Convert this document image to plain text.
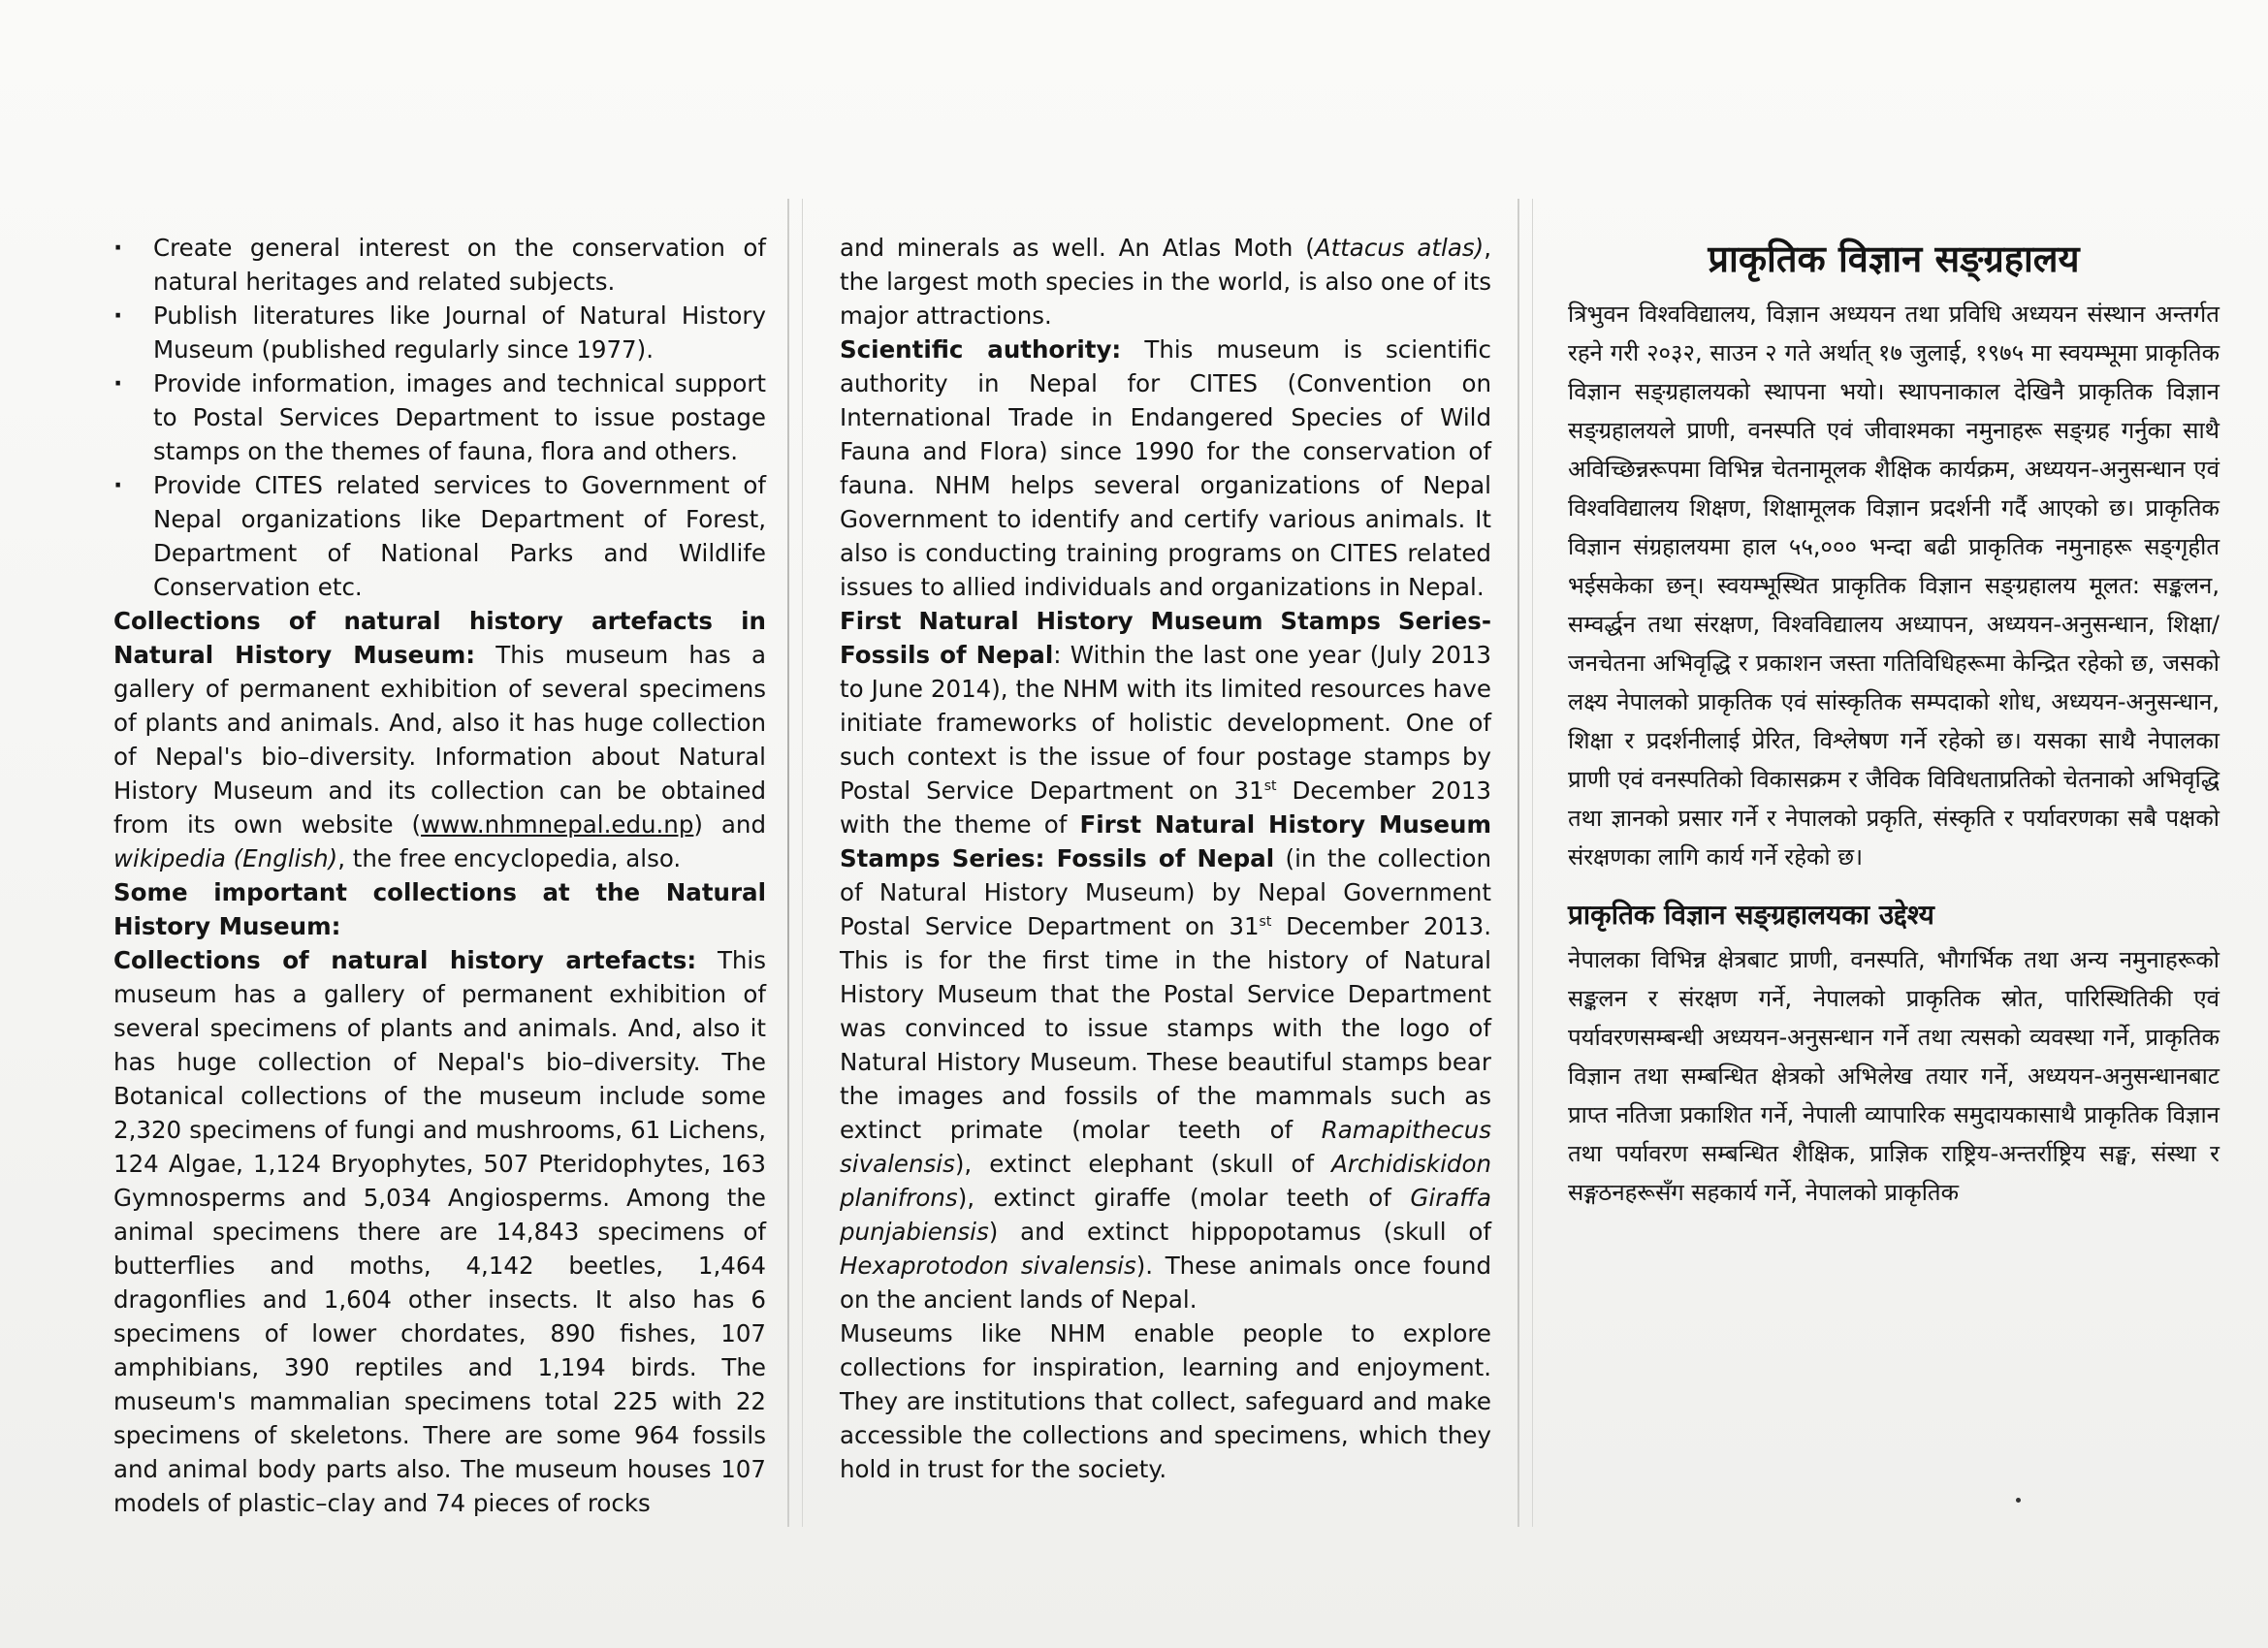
· Create general interest on the conservation of natural heritages and related subjects.
· Publish literatures like Journal of Natural History Museum (published regularly since 1977).
· Provide information, images and technical support to Postal Services Department to issue postage stamps on the themes of fauna, flora and others.
· Provide CITES related services to Government of Nepal organizations like Department of Forest, Department of National Parks and Wildlife Conservation etc.

Collections of natural history artefacts in Natural History Museum: This museum has a gallery of permanent exhibition of several specimens of plants and animals. And, also it has huge collection of Nepal's bio–diversity. Information about Natural History Museum and its collection can be obtained from its own website (www.nhmnepal.edu.np) and wikipedia (English), the free encyclopedia, also.

Some important collections at the Natural History Museum:

Collections of natural history artefacts: This museum has a gallery of permanent exhibition of several specimens of plants and animals. And, also it has huge collection of Nepal's bio–diversity. The Botanical collections of the museum include some 2,320 specimens of fungi and mushrooms, 61 Lichens, 124 Algae, 1,124 Bryophytes, 507 Pteridophytes, 163 Gymnosperms and 5,034 Angiosperms. Among the animal specimens there are 14,843 specimens of butterflies and moths, 4,142 beetles, 1,464 dragonflies and 1,604 other insects. It also has 6 specimens of lower chordates, 890 fishes, 107 amphibians, 390 reptiles and 1,194 birds. The museum's mammalian specimens total 225 with 22 specimens of skeletons. There are some 964 fossils and animal body parts also. The museum houses 107 models of plastic–clay and 74 pieces of rocks

and minerals as well. An Atlas Moth (Attacus atlas), the largest moth species in the world, is also one of its major attractions.

Scientific authority: This museum is scientific authority in Nepal for CITES (Convention on International Trade in Endangered Species of Wild Fauna and Flora) since 1990 for the conservation of fauna. NHM helps several organizations of Nepal Government to identify and certify various animals. It also is conducting training programs on CITES related issues to allied individuals and organizations in Nepal.

First Natural History Museum Stamps Series-Fossils of Nepal: Within the last one year (July 2013 to June 2014), the NHM with its limited resources have initiate frameworks of holistic development. One of such context is the issue of four postage stamps by Postal Service Department on 31st December 2013 with the theme of First Natural History Museum Stamps Series: Fossils of Nepal (in the collection of Natural History Museum) by Nepal Government Postal Service Department on 31st December 2013. This is for the first time in the history of Natural History Museum that the Postal Service Department was convinced to issue stamps with the logo of Natural History Museum. These beautiful stamps bear the images and fossils of the mammals such as extinct primate (molar teeth of Ramapithecus sivalensis), extinct elephant (skull of Archidiskidon planifrons), extinct giraffe (molar teeth of Giraffa punjabiensis) and extinct hippopotamus (skull of Hexaprotodon sivalensis). These animals once found on the ancient lands of Nepal.

Museums like NHM enable people to explore collections for inspiration, learning and enjoyment. They are institutions that collect, safeguard and make accessible the collections and specimens, which they hold in trust for the society.

प्राकृतिक विज्ञान सङ्ग्रहालय

त्रिभुवन विश्वविद्यालय, विज्ञान अध्ययन तथा प्रविधि अध्ययन संस्थान अन्तर्गत रहने गरी २०३२, साउन २ गते अर्थात् १७ जुलाई, १९७५ मा स्वयम्भूमा प्राकृतिक विज्ञान सङ्ग्रहालयको स्थापना भयो। स्थापनाकाल देखिनै प्राकृतिक विज्ञान सङ्ग्रहालयले प्राणी, वनस्पति एवं जीवाश्मका नमुनाहरू सङ्ग्रह गर्नुका साथै अविच्छिन्नरूपमा विभिन्न चेतनामूलक शैक्षिक कार्यक्रम, अध्ययन-अनुसन्धान एवं विश्वविद्यालय शिक्षण, शिक्षामूलक विज्ञान प्रदर्शनी गर्दै आएको छ। प्राकृतिक विज्ञान संग्रहालयमा हाल ५५,००० भन्दा बढी प्राकृतिक नमुनाहरू सङ्गृहीत भईसकेका छन्। स्वयम्भूस्थित प्राकृतिक विज्ञान सङ्ग्रहालय मूलत: सङ्कलन, सम्वर्द्धन तथा संरक्षण, विश्वविद्यालय अध्यापन, अध्ययन-अनुसन्धान, शिक्षा/जनचेतना अभिवृद्धि र प्रकाशन जस्ता गतिविधिहरूमा केन्द्रित रहेको छ, जसको लक्ष्य नेपालको प्राकृतिक एवं सांस्कृतिक सम्पदाको शोध, अध्ययन-अनुसन्धान, शिक्षा र प्रदर्शनीलाई प्रेरित, विश्लेषण गर्ने रहेको छ। यसका साथै नेपालका प्राणी एवं वनस्पतिको विकासक्रम र जैविक विविधताप्रतिको चेतनाको अभिवृद्धि तथा ज्ञानको प्रसार गर्ने र नेपालको प्रकृति, संस्कृति र पर्यावरणका सबै पक्षको संरक्षणका लागि कार्य गर्ने रहेको छ।

प्राकृतिक विज्ञान सङ्ग्रहालयका उद्देश्य

नेपालका विभिन्न क्षेत्रबाट प्राणी, वनस्पति, भौगर्भिक तथा अन्य नमुनाहरूको सङ्कलन र संरक्षण गर्ने, नेपालको प्राकृतिक स्रोत, पारिस्थितिकी एवं पर्यावरणसम्बन्धी अध्ययन-अनुसन्धान गर्ने तथा त्यसको व्यवस्था गर्ने, प्राकृतिक विज्ञान तथा सम्बन्धित क्षेत्रको अभिलेख तयार गर्ने, अध्ययन-अनुसन्धानबाट प्राप्त नतिजा प्रकाशित गर्ने, नेपाली व्यापारिक समुदायकासाथै प्राकृतिक विज्ञान तथा पर्यावरण सम्बन्धित शैक्षिक, प्राज्ञिक राष्ट्रिय-अन्तर्राष्ट्रिय सङ्घ, संस्था र सङ्गठनहरूसँग सहकार्य गर्ने, नेपालको प्राकृतिक
